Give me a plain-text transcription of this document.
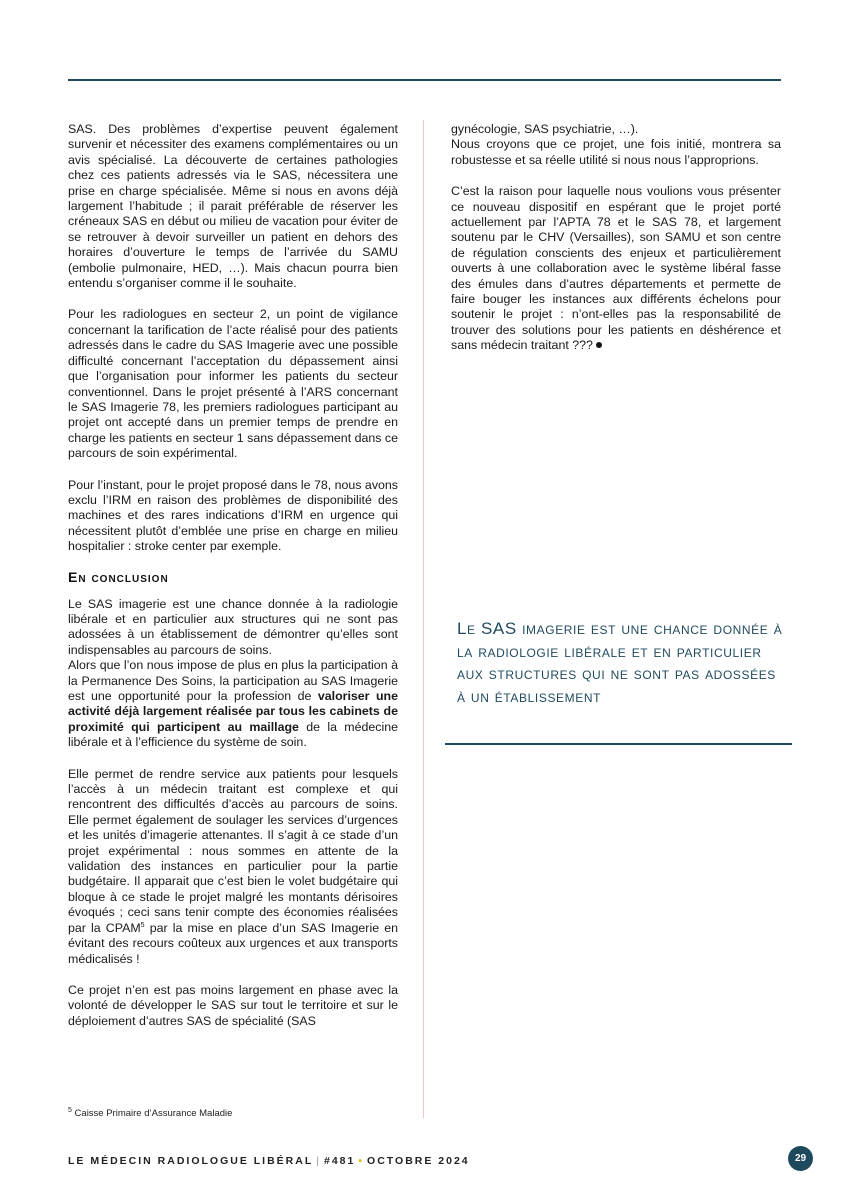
SAS. Des problèmes d’expertise peuvent également survenir et nécessiter des examens complémentaires ou un avis spécialisé. La découverte de certaines pathologies chez ces patients adressés via le SAS, nécessitera une prise en charge spécialisée. Même si nous en avons déjà largement l’habitude ; il parait préférable de réserver les créneaux SAS en début ou milieu de vacation pour éviter de se retrouver à devoir surveiller un patient en dehors des horaires d’ouverture le temps de l’arrivée du SAMU (embolie pulmonaire, HED, …). Mais chacun pourra bien entendu s’organiser comme il le souhaite.

Pour les radiologues en secteur 2, un point de vigilance concernant la tarification de l’acte réalisé pour des patients adressés dans le cadre du SAS Imagerie avec une possible difficulté concernant l’acceptation du dépassement ainsi que l’organisation pour informer les patients du secteur conventionnel. Dans le projet présenté à l’ARS concernant le SAS Imagerie 78, les premiers radiologues participant au projet ont accepté dans un premier temps de prendre en charge les patients en secteur 1 sans dépassement dans ce parcours de soin expérimental.

Pour l’instant, pour le projet proposé dans le 78, nous avons exclu l’IRM en raison des problèmes de disponibilité des machines et des rares indications d’IRM en urgence qui nécessitent plutôt d’emblée une prise en charge en milieu hospitalier : stroke center par exemple.

En conclusion

Le SAS imagerie est une chance donnée à la radiologie libérale et en particulier aux structures qui ne sont pas adossées à un établissement de démontrer qu’elles sont indispensables au parcours de soins.

Alors que l’on nous impose de plus en plus la participation à la Permanence Des Soins, la participation au SAS Imagerie est une opportunité pour la profession de valoriser une activité déjà largement réalisée par tous les cabinets de proximité qui participent au maillage de la médecine libérale et à l’efficience du système de soin.

Elle permet de rendre service aux patients pour lesquels l’accès à un médecin traitant est complexe et qui rencontrent des difficultés d’accès au parcours de soins. Elle permet également de soulager les services d’urgences et les unités d’imagerie attenantes. Il s’agit à ce stade d’un projet expérimental : nous sommes en attente de la validation des instances en particulier pour la partie budgétaire. Il apparait que c’est bien le volet budgétaire qui bloque à ce stade le projet malgré les montants dérisoires évoqués ; ceci sans tenir compte des économies réalisées par la CPAM$^5$ par la mise en place d’un SAS Imagerie en évitant des recours coûteux aux urgences et aux transports médicalisés !

Ce projet n’en est pas moins largement en phase avec la volonté de développer le SAS sur tout le territoire et sur le déploiement d’autres SAS de spécialité (SAS

gynécologie, SAS psychiatrie, …).

Nous croyons que ce projet, une fois initié, montrera sa robustesse et sa réelle utilité si nous nous l’approprions.

C’est la raison pour laquelle nous voulions vous présenter ce nouveau dispositif en espérant que le projet porté actuellement par l’APTA 78 et le SAS 78, et largement soutenu par le CHV (Versailles), son SAMU et son centre de régulation conscients des enjeux et particulièrement ouverts à une collaboration avec le système libéral fasse des émules dans d’autres départements et permette de faire bouger les instances aux différents échelons pour soutenir le projet : n’ont-elles pas la responsabilité de trouver des solutions pour les patients en déshérence et sans médecin traitant ???

Le SAS imagerie est une chance donnée à la radiologie libérale et en particulier aux structures qui ne sont pas adossées à un établissement
$^5$ Caisse Primaire d’Assurance Maladie
LE MÉDECIN RADIOLOGUE LIBÉRAL | #481 • OCTOBRE 2024	29
